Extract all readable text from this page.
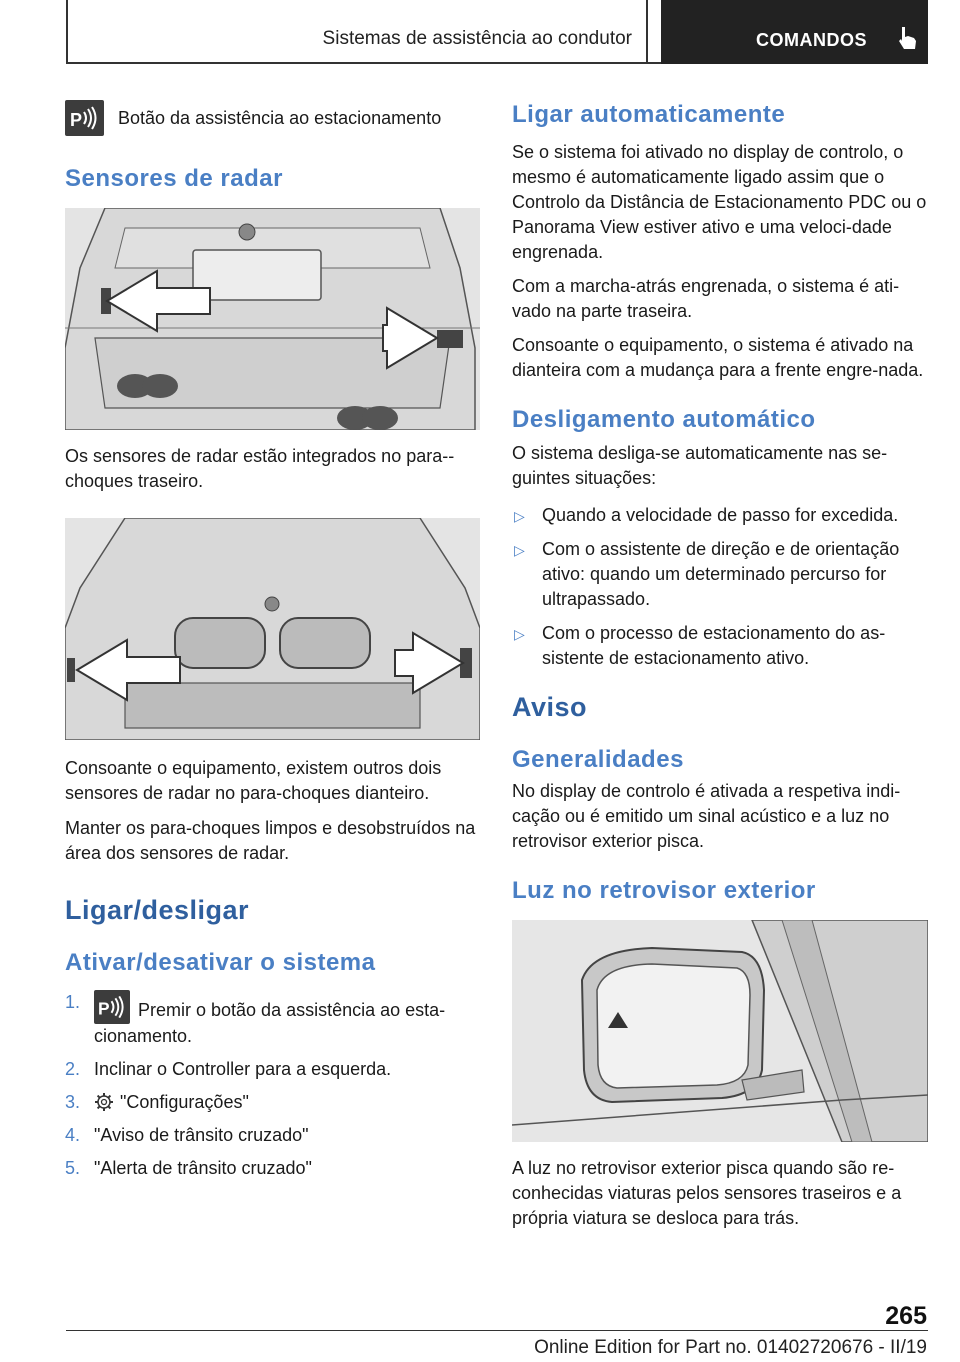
Sistemas de assistência ao condutor	COMANDOS
P Botão da assistência ao estacionamento
Sensores de radar

Os sensores de radar estão integrados no para--choques traseiro.

Consoante o equipamento, existem outros dois sensores de radar no para-choques dianteiro.

Manter os para-choques limpos e desobstruídos na área dos sensores de radar.

Ligar/desligar
Ativar/desativar o sistema
1. P Premir o botão da assistência ao esta-cionamento.
2. Inclinar o Controller para a esquerda.
3. "Configurações"
4. "Aviso de trânsito cruzado"
5. "Alerta de trânsito cruzado"
Ligar automaticamente

Se o sistema foi ativado no display de controlo, o mesmo é automaticamente ligado assim que o Controlo da Distância de Estacionamento PDC ou o Panorama View estiver ativo e uma veloci-dade engrenada.

Com a marcha-atrás engrenada, o sistema é ati-vado na parte traseira.

Consoante o equipamento, o sistema é ativado na dianteira com a mudança para a frente engre-nada.

Desligamento automático

O sistema desliga-se automaticamente nas se-guintes situações:

▷ Quando a velocidade de passo for excedida.
▷ Com o assistente de direção e de orientação ativo: quando um determinado percurso for ultrapassado.
▷ Com o processo de estacionamento do as-sistente de estacionamento ativo.
Aviso
Generalidades

No display de controlo é ativada a respetiva indi-cação ou é emitido um sinal acústico e a luz no retrovisor exterior pisca.

Luz no retrovisor exterior

A luz no retrovisor exterior pisca quando são re-conhecidas viaturas pelos sensores traseiros e a própria viatura se desloca para trás.

265
Online Edition for Part no. 01402720676 - II/19
